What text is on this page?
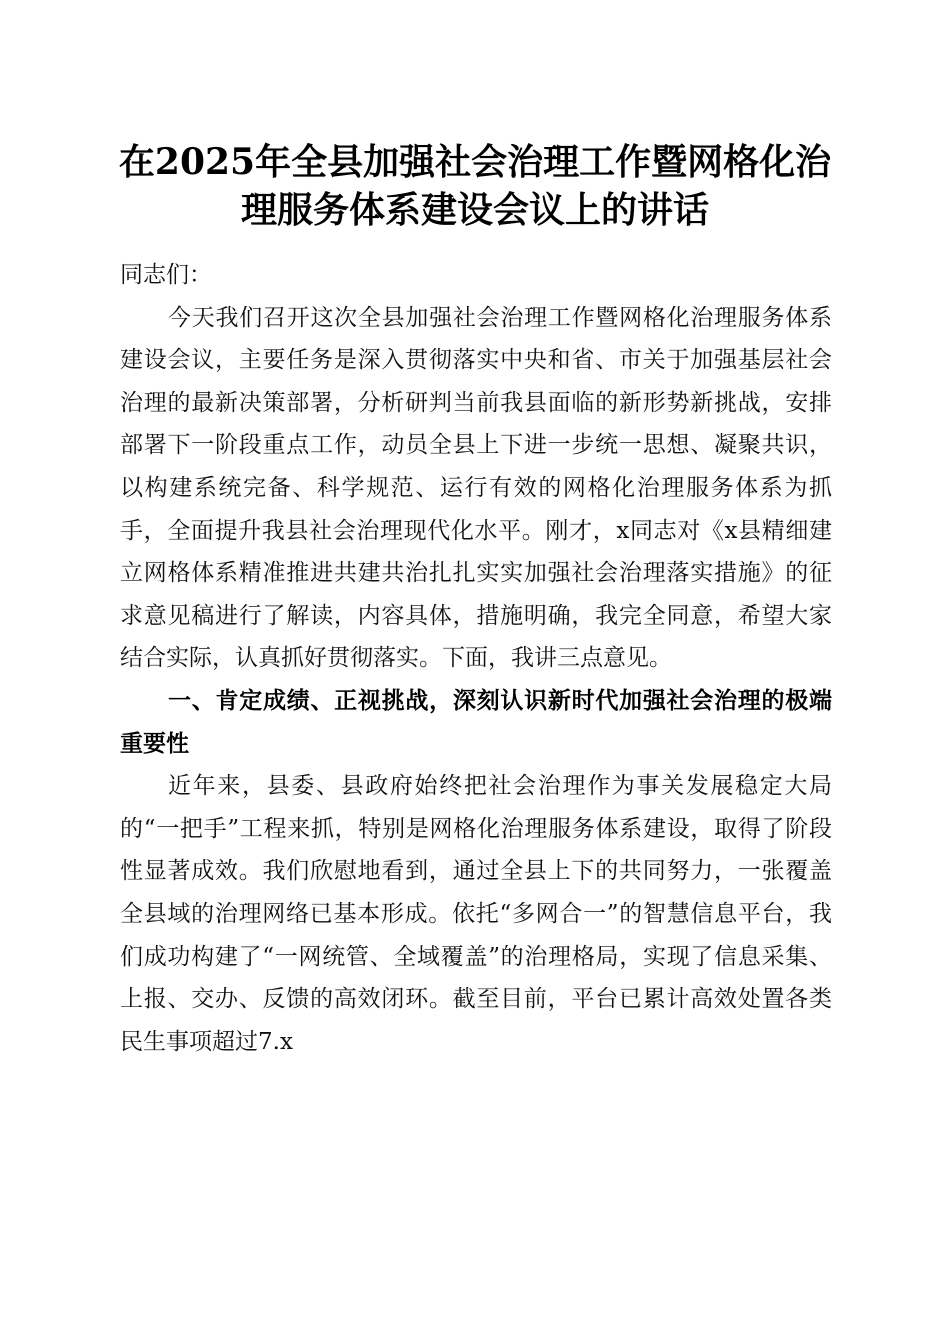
在2025年全县加强社会治理工作暨网格化治
理服务体系建设会议上的讲话

同志们：

今天我们召开这次全县加强社会治理工作暨网格化治理服务体系建设会议，主要任务是深入贯彻落实中央和省、市关于加强基层社会治理的最新决策部署，分析研判当前我县面临的新形势新挑战，安排部署下一阶段重点工作，动员全县上下进一步统一思想、凝聚共识，以构建系统完备、科学规范、运行有效的网格化治理服务体系为抓手，全面提升我县社会治理现代化水平。刚才，x同志对《x县精细建立网格体系精准推进共建共治扎扎实实加强社会治理落实措施》的征求意见稿进行了解读，内容具体，措施明确，我完全同意，希望大家结合实际，认真抓好贯彻落实。下面，我讲三点意见。

一、肯定成绩、正视挑战，深刻认识新时代加强社会治理的极端重要性

近年来，县委、县政府始终把社会治理作为事关发展稳定大局的“一把手”工程来抓，特别是网格化治理服务体系建设，取得了阶段性显著成效。我们欣慰地看到，通过全县上下的共同努力，一张覆盖全县域的治理网络已基本形成。依托“多网合一”的智慧信息平台，我们成功构建了“一网统管、全域覆盖”的治理格局，实现了信息采集、上报、交办、反馈的高效闭环。截至目前，平台已累计高效处置各类民生事项超过7.x
